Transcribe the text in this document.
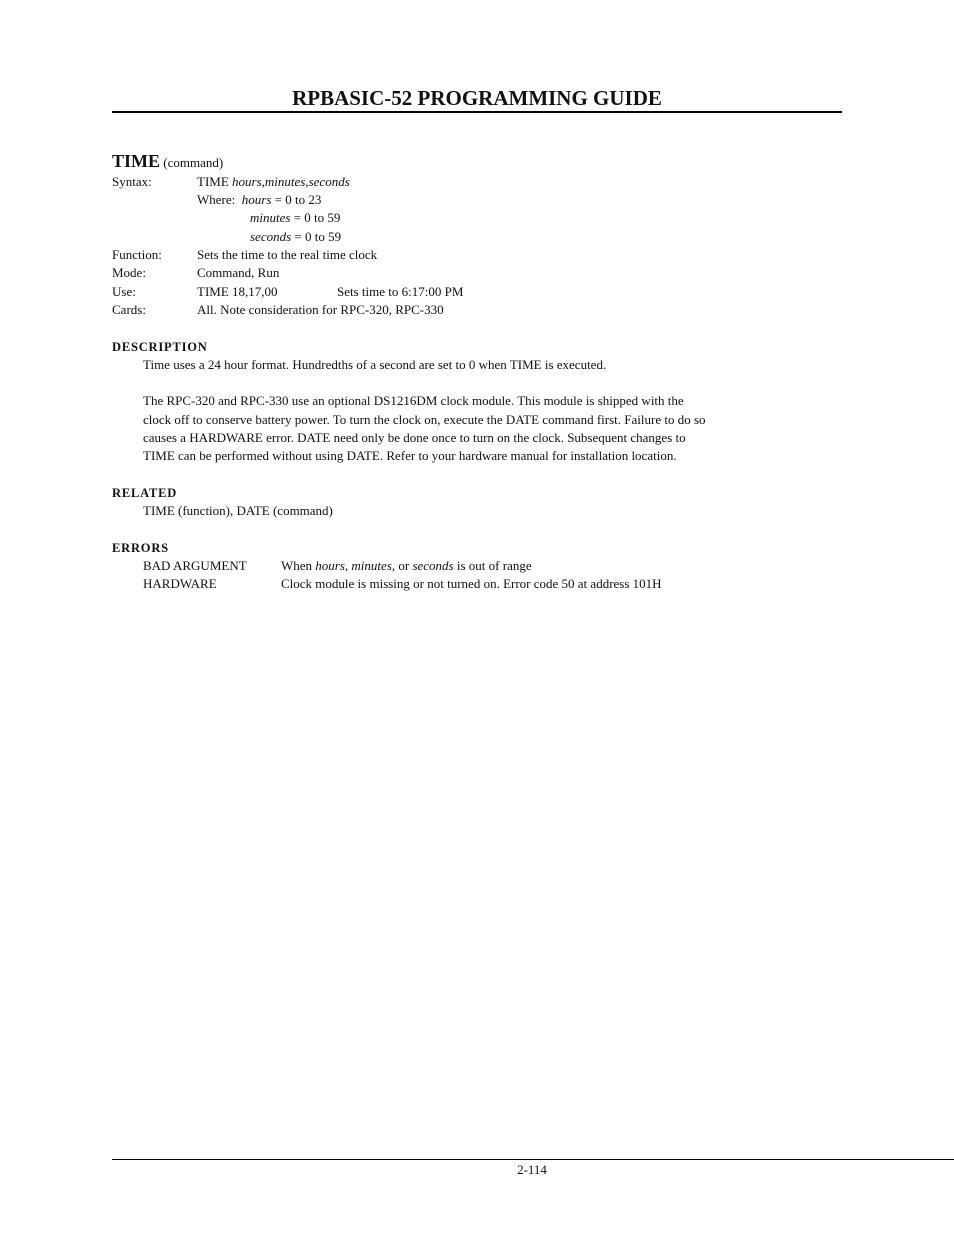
RPBASIC-52 PROGRAMMING GUIDE
TIME (command)
Syntax:	TIME hours,minutes,seconds
Where: hours = 0 to 23
minutes = 0 to 59
seconds = 0 to 59
Function:	Sets the time to the real time clock
Mode:	Command, Run
Use:	TIME 18,17,00	Sets time to 6:17:00 PM
Cards:	All. Note consideration for RPC-320, RPC-330
DESCRIPTION
Time uses a 24 hour format. Hundredths of a second are set to 0 when TIME is executed.
The RPC-320 and RPC-330 use an optional DS1216DM clock module. This module is shipped with the
clock off to conserve battery power. To turn the clock on, execute the DATE command first. Failure to do so
causes a HARDWARE error. DATE need only be done once to turn on the clock. Subsequent changes to
TIME can be performed without using DATE. Refer to your hardware manual for installation location.
RELATED
TIME (function), DATE (command)
ERRORS
BAD ARGUMENT	When hours, minutes, or seconds is out of range
HARDWARE	Clock module is missing or not turned on. Error code 50 at address 101H
2-114
